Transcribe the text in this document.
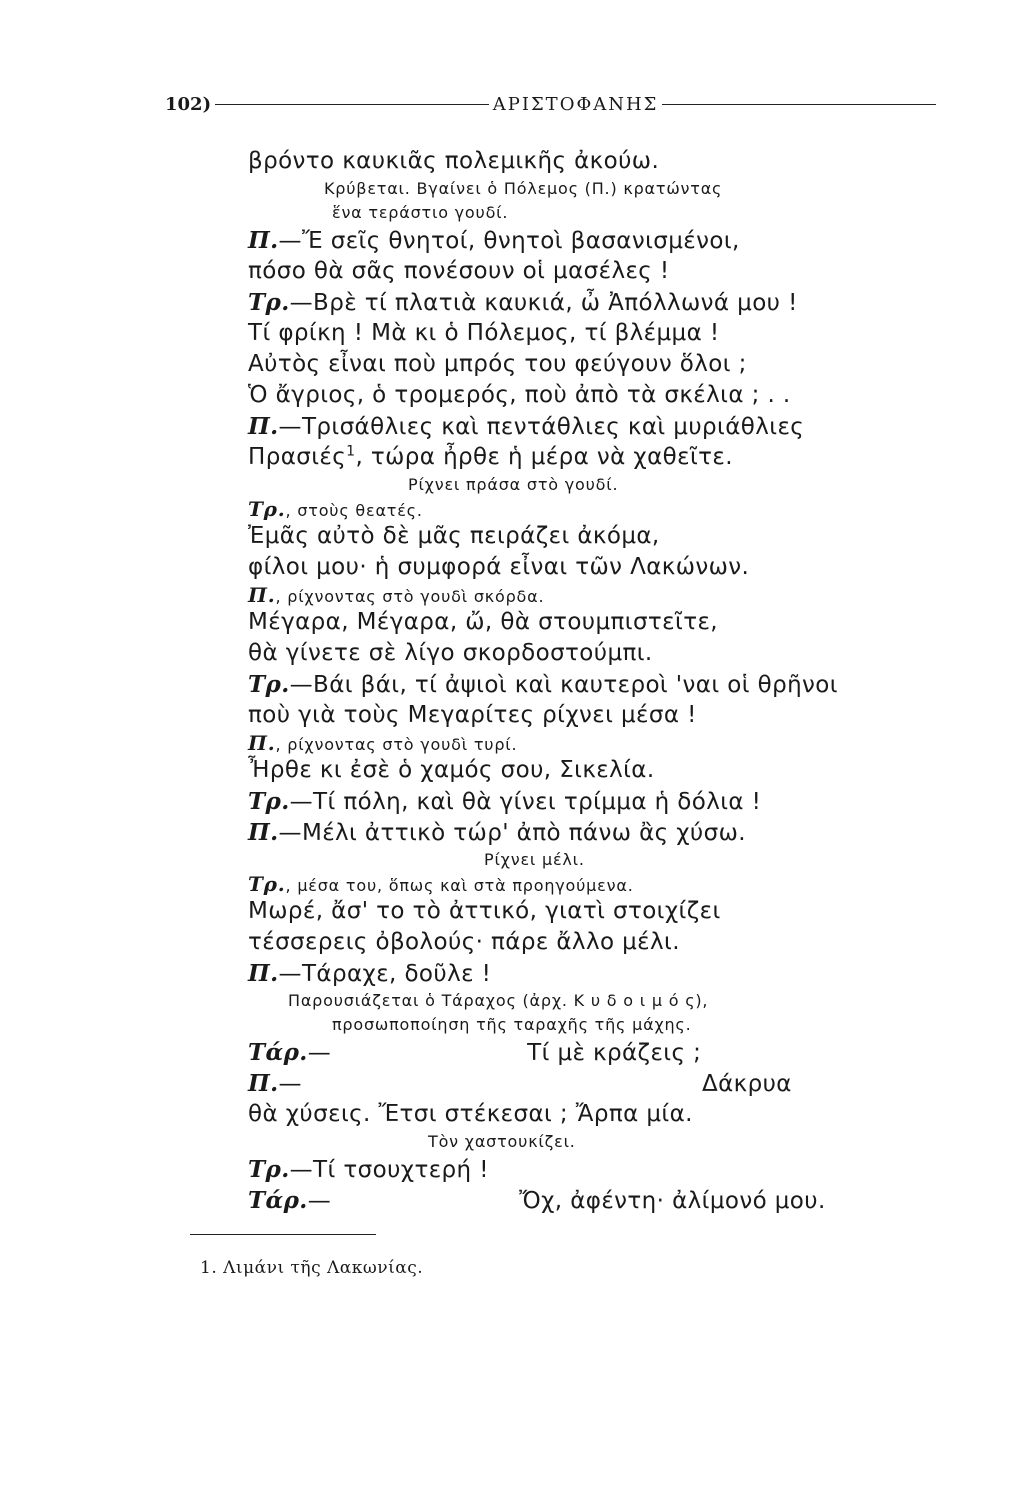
102)	ΑΡΙΣΤΟΦΑΝΗΣ
βρόντο καυκιᾶς πολεμικῆς ἀκούω.
Κρύβεται. Βγαίνει ὁ Πόλεμος (Π.) κρατώντας
ἕνα τεράστιο γουδί.
Π.—Ἔ σεῖς θνητοί, θνητοὶ βασανισμένοι,
πόσο θὰ σᾶς πονέσουν οἱ μασέλες !
Τρ.—Βρὲ τί πλατιὰ καυκιά, ὦ Ἀπόλλωνά μου !
Τί φρίκη ! Μὰ κι ὁ Πόλεμος, τί βλέμμα !
Αὐτὸς εἶναι ποὺ μπρός του φεύγουν ὅλοι ;
Ὁ ἄγριος, ὁ τρομερός, ποὺ ἀπὸ τὰ σκέλια ; . .
Π.—Τρισάθλιες καὶ πεντάθλιες καὶ μυριάθλιες
Πρασιές$^1$, τώρα ἦρθε ἡ μέρα νὰ χαθεῖτε.
Ρίχνει πράσα στὸ γουδί.
Τρ., στοὺς θεατές.
Ἐμᾶς αὐτὸ δὲ μᾶς πειράζει ἀκόμα,
φίλοι μου· ἡ συμφορά εἶναι τῶν Λακώνων.
Π., ρίχνοντας στὸ γουδὶ σκόρδα.
Μέγαρα, Μέγαρα, ὤ, θὰ στουμπιστεῖτε,
θὰ γίνετε σὲ λίγο σκορδοστούμπι.
Τρ.—Βάι βάι, τί ἀψιοὶ καὶ καυτεροὶ 'ναι οἱ θρῆνοι
ποὺ γιὰ τοὺς Μεγαρίτες ρίχνει μέσα !
Π., ρίχνοντας στὸ γουδὶ τυρί.
Ἦρθε κι ἐσὲ ὁ χαμός σου, Σικελία.
Τρ.—Τί πόλη, καὶ θὰ γίνει τρίμμα ἡ δόλια !
Π.—Μέλι ἀττικὸ τώρ' ἀπὸ πάνω ἂς χύσω.
Ρίχνει μέλι.
Τρ., μέσα του, ὅπως καὶ στὰ προηγούμενα.
Μωρέ, ἄσ' το τὸ ἀττικό, γιατὶ στοιχίζει
τέσσερεις ὀβολούς· πάρε ἄλλο μέλι.
Π.—Τάραχε, δοῦλε !
Παρουσιάζεται ὁ Τάραχος (ἀρχ. Κ υ δ ο ι μ ό ς),
προσωποποίηση τῆς ταραχῆς τῆς μάχης.
Τάρ.—	Τί μὲ κράζεις ;
Π.—	Δάκρυα
θὰ χύσεις. Ἔτσι στέκεσαι ; Ἄρπα μία.
Τὸν χαστουκίζει.
Τρ.—Τί τσουχτερή !
Τάρ.—	Ὄχ, ἀφέντη· ἀλίμονό μου.
1. Λιμάνι τῆς Λακωνίας.
